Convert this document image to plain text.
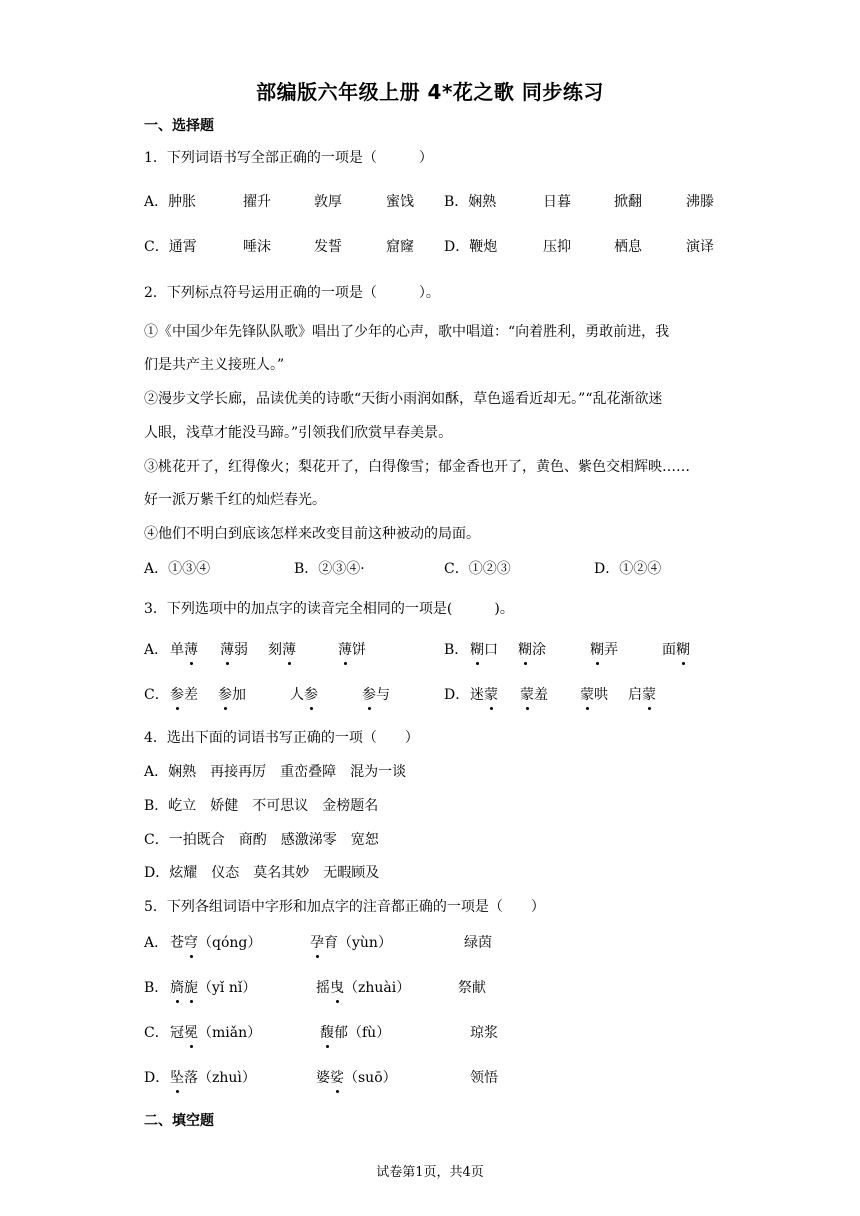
部编版六年级上册 4*花之歌 同步练习
一、选择题
1．下列词语书写全部正确的一项是（　　　）
A．肿胀	擢升	敦厚	蜜饯 B．娴熟	日暮	掀翻	沸滕
C．通霄	唾沫	发誓	窟窿 D．鞭炮	压抑	栖息	演译
2．下列标点符号运用正确的一项是（　　　）。
①《中国少年先锋队队歌》唱出了少年的心声，歌中唱道：“向着胜利，勇敢前进，我
们是共产主义接班人。”
②漫步文学长廊，品读优美的诗歌“天街小雨润如酥，草色遥看近却无。”“乱花渐欲迷
人眼，浅草才能没马蹄。”引领我们欣赏早春美景。
③桃花开了，红得像火；梨花开了，白得像雪；郁金香也开了，黄色、紫色交相辉映……
好一派万紫千红的灿烂春光。
④他们不明白到底该怎样来改变目前这种被动的局面。
A．①③④	B．②③④·	C．①②③	D．①②④
3．下列选项中的加点字的读音完全相同的一项是(　　　)。
A． 单薄 薄弱 刻薄	薄饼	B． 糊口 糊涂	糊弄	面糊
C． 参差 参加	人参	参与	D． 迷蒙 蒙羞 蒙哄 启蒙
4．选出下面的词语书写正确的一项（　　）
A．娴熟　再接再厉　重峦叠障　混为一谈
B．屹立　娇健　不可思议　金榜题名
C．一拍既合　商酌　感激涕零　宽恕
D．炫耀　仪态　莫名其妙　无暇顾及
5．下列各组词语中字形和加点字的注音都正确的一项是（　　）
A． 苍穹（qóng）	孕育（yùn）	绿茵
B． 旖旎（yǐ nǐ）	摇曳（zhuài）	祭献
C． 冠冕（miǎn）	馥郁（fù）	琼浆
D． 坠落（zhuì）	婆娑（suō）	领悟
二、填空题
试卷第1页，共4页
